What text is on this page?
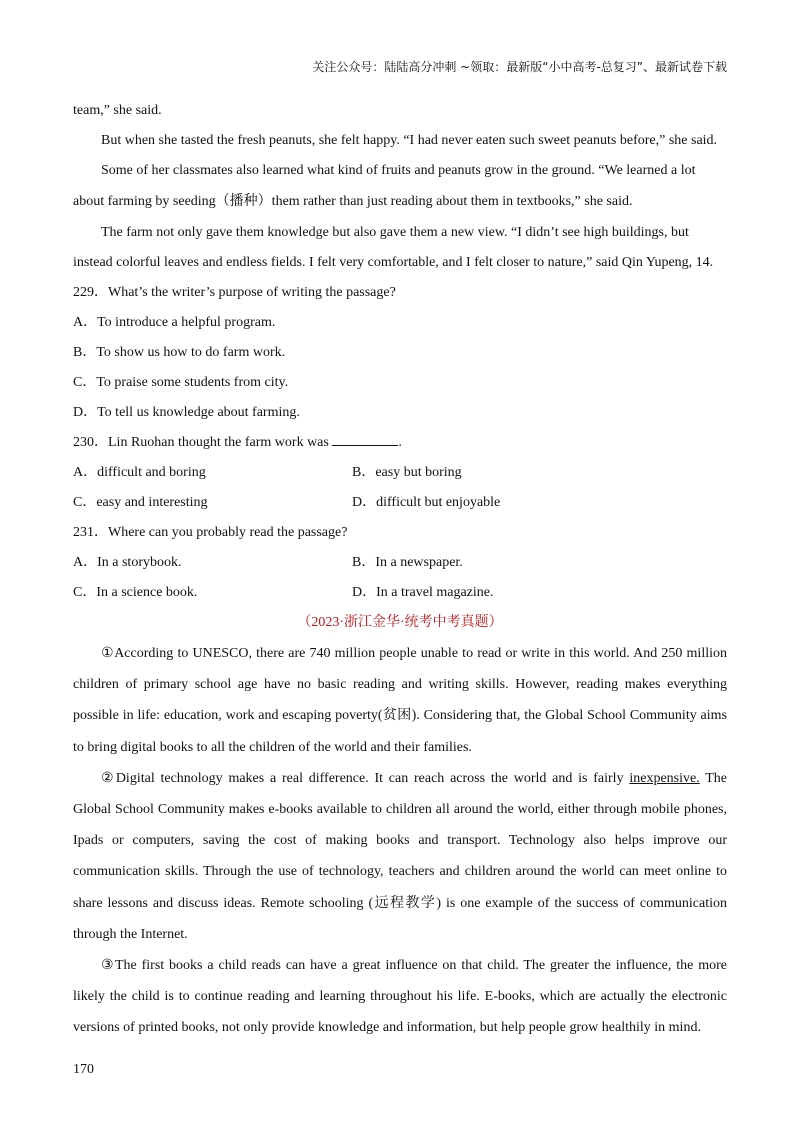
关注公众号：陆陆高分冲刺 ~领取：最新版“小中高考-总复习”、最新试卷下载

team,” she said.

But when she tasted the fresh peanuts, she felt happy. “I had never eaten such sweet peanuts before,” she said.

Some of her classmates also learned what kind of fruits and peanuts grow in the ground. “We learned a lot

about farming by seeding（播种）them rather than just reading about them in textbooks,” she said.

The farm not only gave them knowledge but also gave them a new view. “I didn’t see high buildings, but

instead colorful leaves and endless fields. I felt very comfortable, and I felt closer to nature,” said Qin Yupeng, 14.

229．What’s the writer’s purpose of writing the passage?

A．To introduce a helpful program.

B．To show us how to do farm work.

C．To praise some students from city.

D．To tell us knowledge about farming.

230．Lin Ruohan thought the farm work was	.

A．difficult and boring	B．easy but boring
C．easy and interesting	D．difficult but enjoyable

231．Where can you probably read the passage?

A．In a storybook.	B．In a newspaper.
C．In a science book.	D．In a travel magazine.

（2023·浙江金华·统考中考真题）

①According to UNESCO, there are 740 million people unable to read or write in this world. And 250 million children of primary school age have no basic reading and writing skills. However, reading makes everything possible in life: education, work and escaping poverty(贫困). Considering that, the Global School Community aims to bring digital books to all the children of the world and their families.

②Digital technology makes a real difference. It can reach across the world and is fairly inexpensive. The Global School Community makes e-books available to children all around the world, either through mobile phones, Ipads or computers, saving the cost of making books and transport. Technology also helps improve our communication skills. Through the use of technology, teachers and children around the world can meet online to share lessons and discuss ideas. Remote schooling (远程教学) is one example of the success of communication through the Internet.

③The first books a child reads can have a great influence on that child. The greater the influence, the more likely the child is to continue reading and learning throughout his life. E-books, which are actually the electronic versions of printed books, not only provide knowledge and information, but help people grow healthily in mind.

170
